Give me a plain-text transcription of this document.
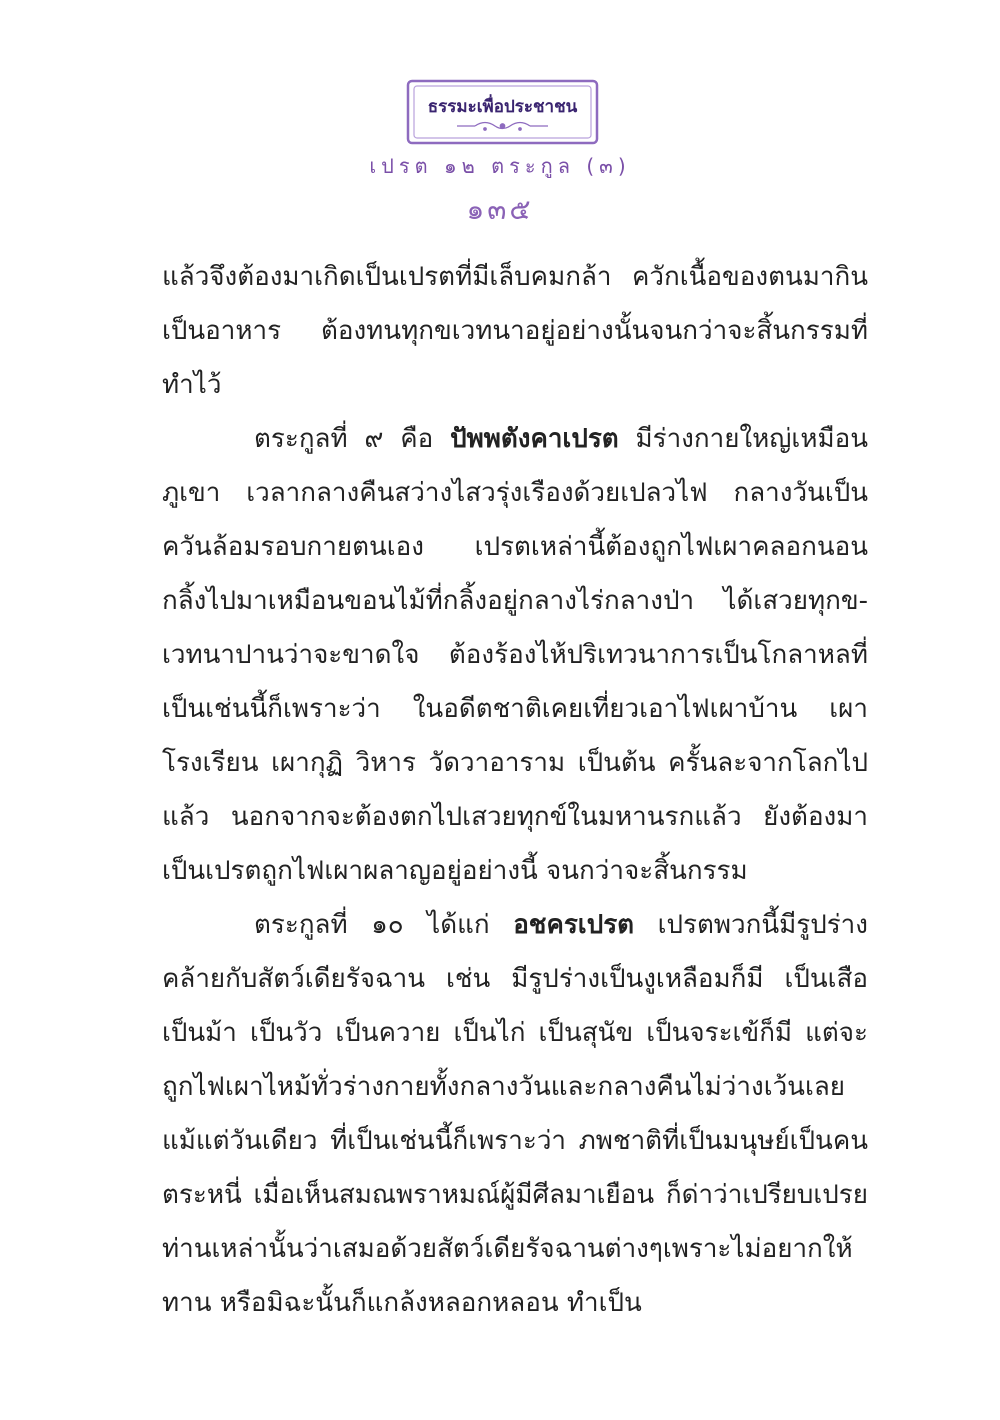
ธรรมะเพื่อประชาชน
เปรต ๑๒ ตระกูล (๓)
๑๓๕

แล้วจึงต้องมาเกิดเป็นเปรตที่มีเล็บคมกล้า ควักเนื้อของตนมากินเป็นอาหาร ต้องทนทุกขเวทนาอยู่อย่างนั้นจนกว่าจะสิ้นกรรมที่ทำไว้

ตระกูลที่ ๙ คือ ปัพพตังคาเปรต มีร่างกายใหญ่เหมือนภูเขา เวลากลางคืนสว่างไสวรุ่งเรืองด้วยเปลวไฟ กลางวันเป็นควันล้อมรอบกายตนเอง เปรตเหล่านี้ต้องถูกไฟเผาคลอกนอนกลิ้งไปมาเหมือนขอนไม้ที่กลิ้งอยู่กลางไร่กลางป่า ได้เสวยทุกข-เวทนาปานว่าจะขาดใจ ต้องร้องไห้ปริเทวนาการเป็นโกลาหลที่เป็นเช่นนี้ก็เพราะว่า ในอดีตชาติเคยเที่ยวเอาไฟเผาบ้าน เผาโรงเรียน เผากุฏิ วิหาร วัดวาอาราม เป็นต้น ครั้นละจากโลกไปแล้ว นอกจากจะต้องตกไปเสวยทุกข์ในมหานรกแล้ว ยังต้องมาเป็นเปรตถูกไฟเผาผลาญอยู่อย่างนี้ จนกว่าจะสิ้นกรรม

ตระกูลที่ ๑๐ ได้แก่ อชครเปรต เปรตพวกนี้มีรูปร่างคล้ายกับสัตว์เดียรัจฉาน เช่น มีรูปร่างเป็นงูเหลือมก็มี เป็นเสือเป็นม้า เป็นวัว เป็นควาย เป็นไก่ เป็นสุนัข เป็นจระเข้ก็มี แต่จะถูกไฟเผาไหม้ทั่วร่างกายทั้งกลางวันและกลางคืนไม่ว่างเว้นเลยแม้แต่วันเดียว ที่เป็นเช่นนี้ก็เพราะว่า ภพชาติที่เป็นมนุษย์เป็นคนตระหนี่ เมื่อเห็นสมณพราหมณ์ผู้มีศีลมาเยือน ก็ด่าว่าเปรียบเปรยท่านเหล่านั้นว่าเสมอด้วยสัตว์เดียรัจฉานต่างๆเพราะไม่อยากให้ทาน หรือมิฉะนั้นก็แกล้งหลอกหลอน ทำเป็น
